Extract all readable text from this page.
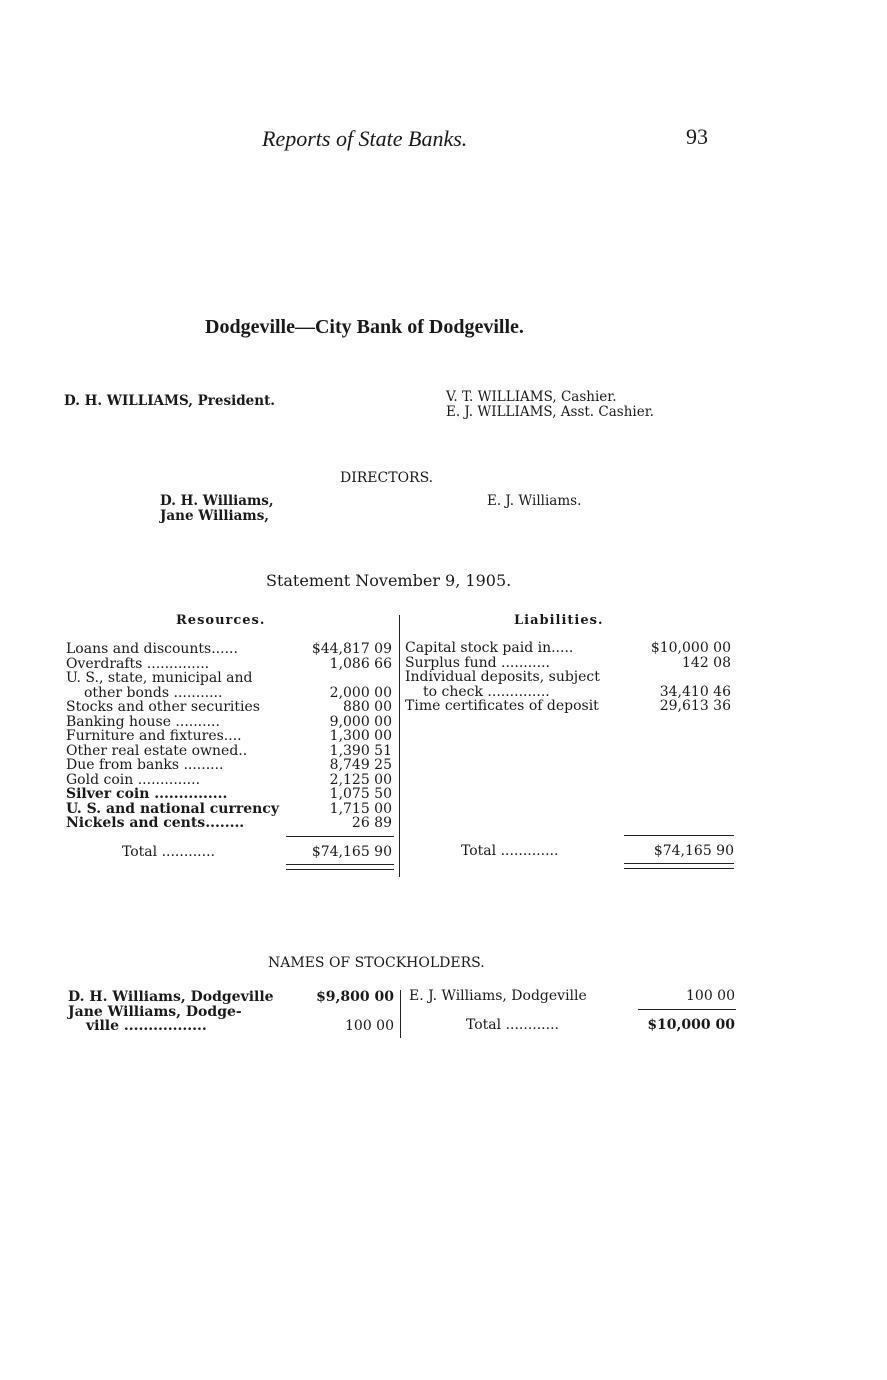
Reports of State Banks.	93
Dodgeville—City Bank of Dodgeville.
D. H. WILLIAMS, President.	V. T. WILLIAMS, Cashier.
E. J. WILLIAMS, Asst. Cashier.
DIRECTORS.
D. H. Williams,
Jane Williams,
E. J. Williams.
Statement November 9, 1905.
Resources.	Liabilities.
Loans and discounts......	$44,817 09
Overdrafts ..............	1,086 66
U. S., state, municipal and
other bonds ...........	2,000 00
Stocks and other securities	880 00
Banking house ..........	9,000 00
Furniture and fixtures....	1,300 00
Other real estate owned..	1,390 51
Due from banks .........	8,749 25
Gold coin ..............	2,125 00
Silver coin ...............	1,075 50
U. S. and national currency	1,715 00
Nickels and cents........	26 89
Total ............	$74,165 90
Capital stock paid in.....	$10,000 00
Surplus fund ...........	142 08
Individual deposits, subject
to check ..............	34,410 46
Time certificates of deposit	29,613 36
Total .............	$74,165 90
NAMES OF STOCKHOLDERS.
D. H. Williams, Dodgeville	$9,800 00
Jane Williams, Dodge-
ville .................	100 00
E. J. Williams, Dodgeville	100 00
Total ............	$10,000 00
